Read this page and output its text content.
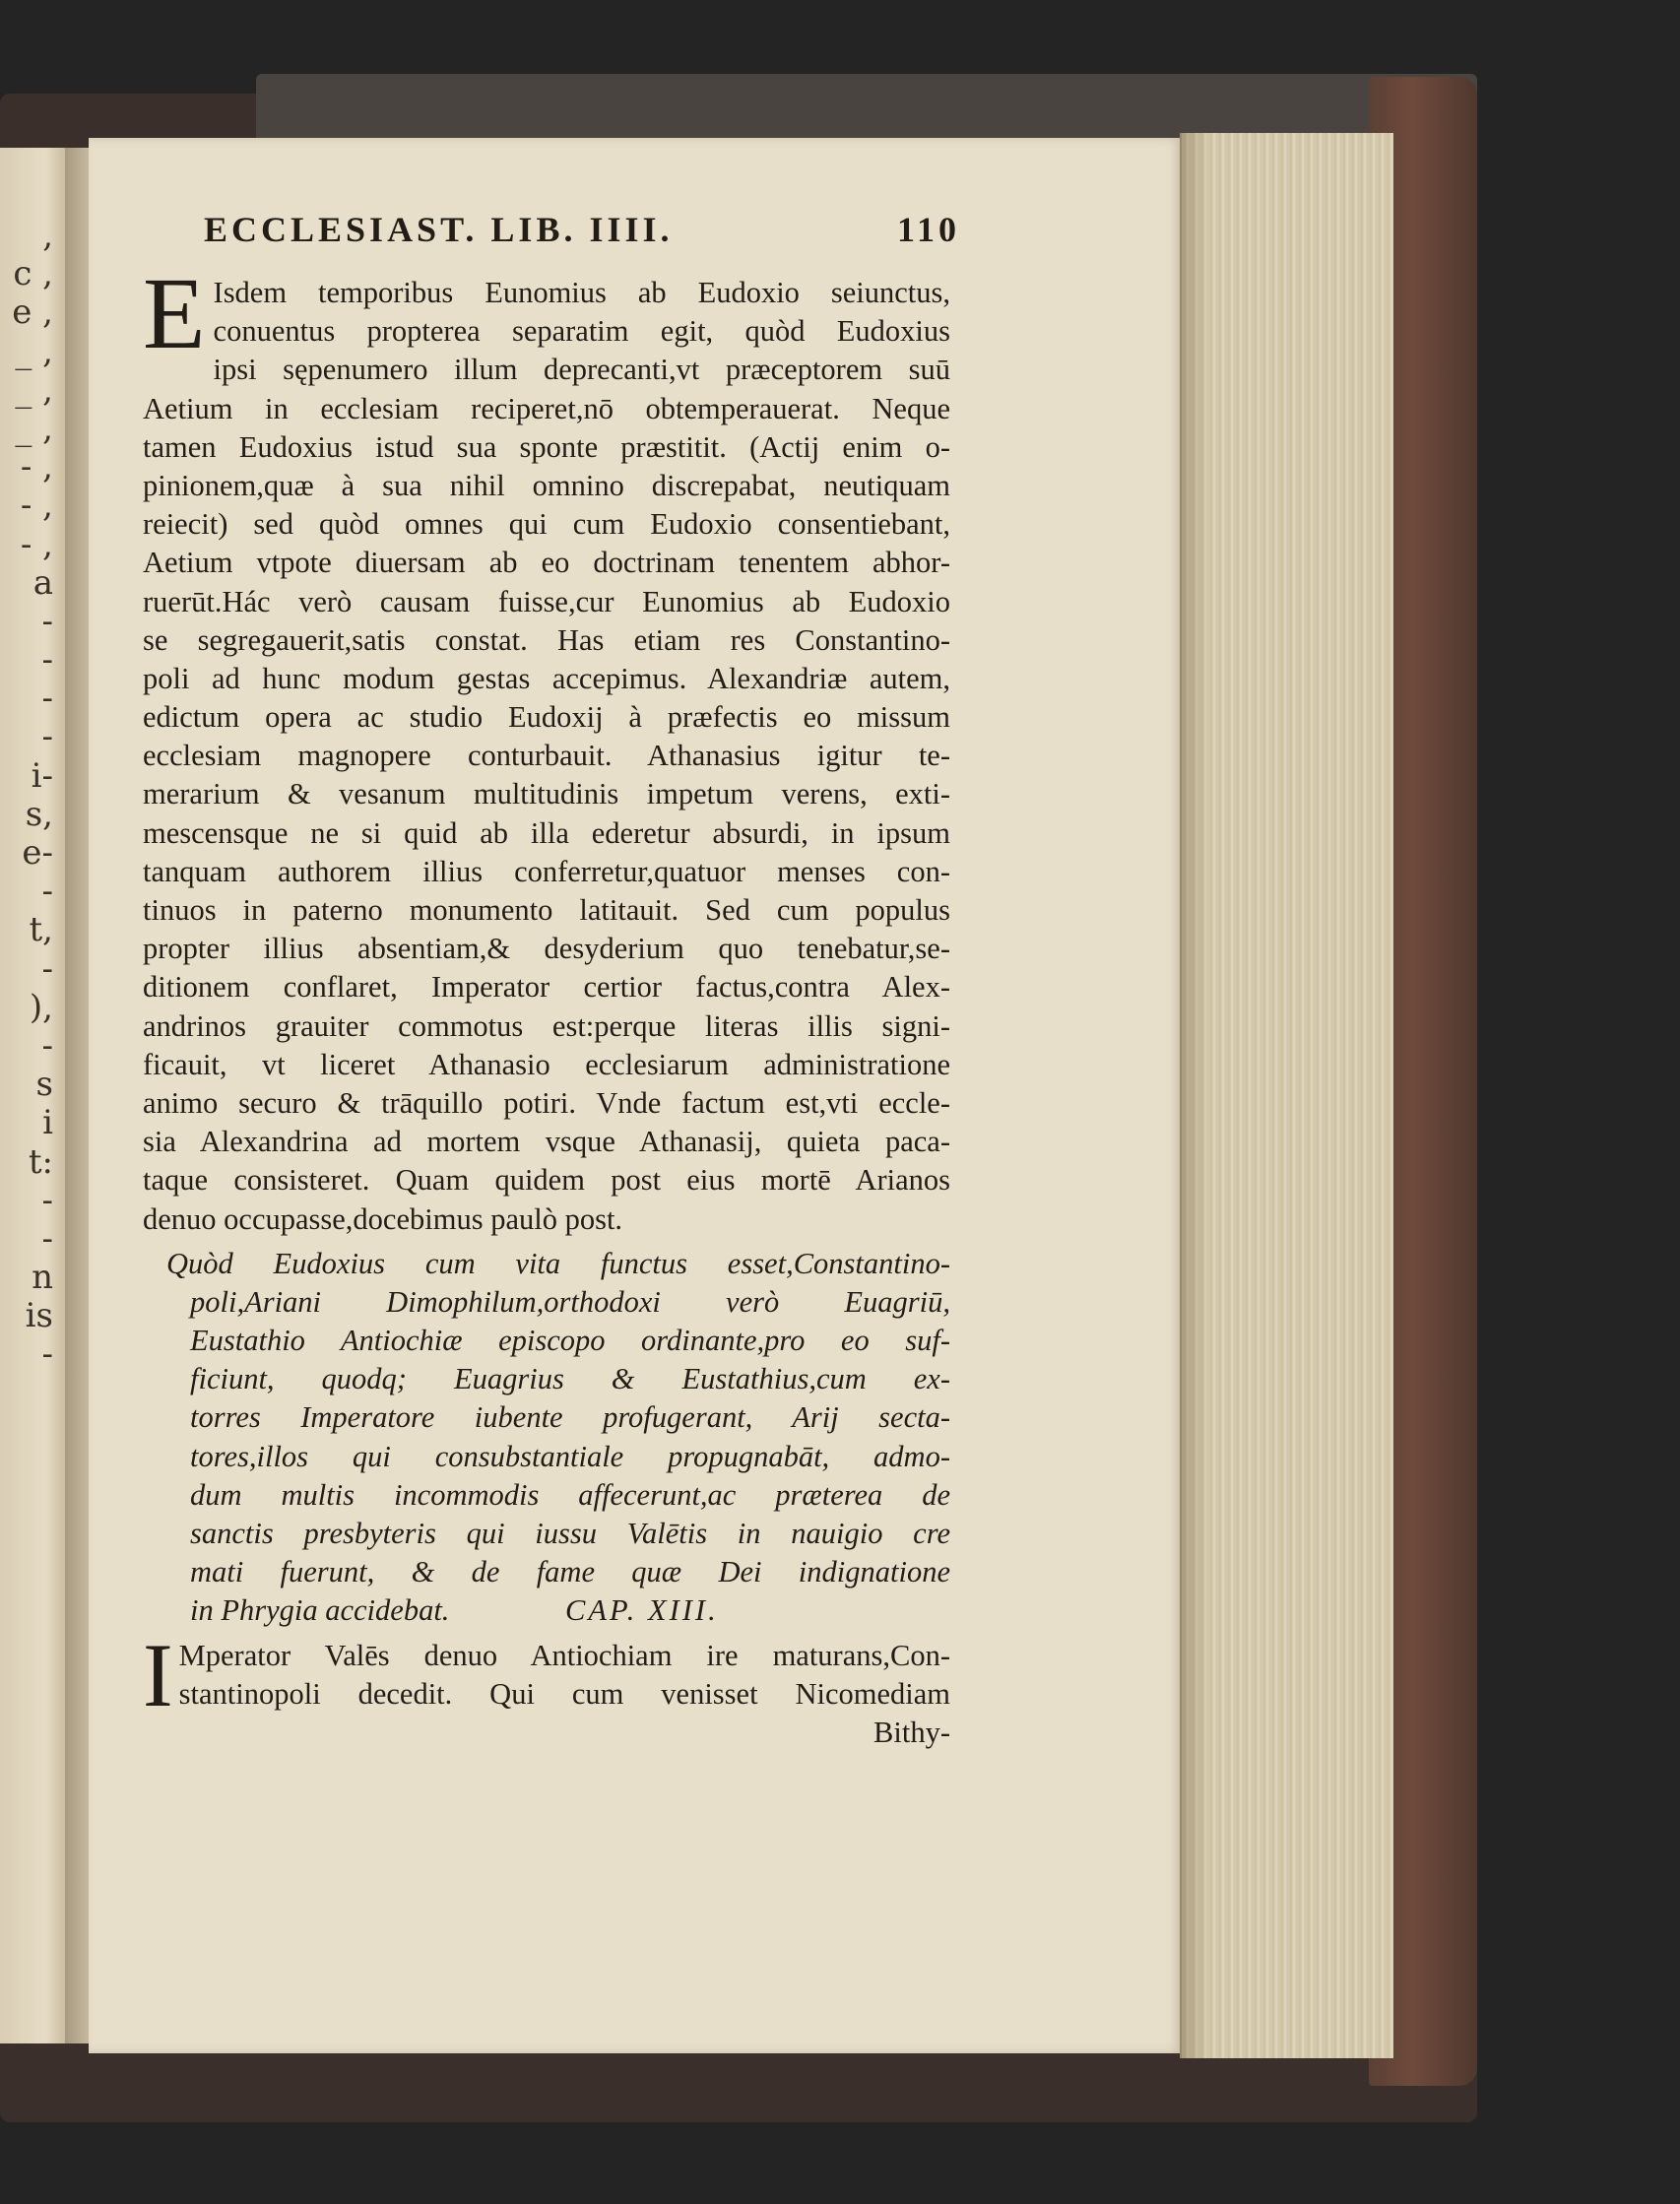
,
c ,
e ,
_ ,
_ ,
_ ,
- ,
- ,
- ,
a
-
-
-
-
i-
s,
e-
-
t,
-
),
-
s
i
t:
-
-
n
is
-
ECCLESIAST. LIB. IIII.	110
E Isdem temporibus Eunomius ab Eudoxio seiunctus,
conuentus propterea separatim egit, quòd Eudoxius
ipsi sępenumero illum deprecanti,vt præceptorem suū
Aetium in ecclesiam reciperet,nō obtemperauerat. Neque
tamen Eudoxius istud sua sponte præstitit. (Actij enim o-
pinionem,quæ à sua nihil omnino discrepabat, neutiquam
reiecit) sed quòd omnes qui cum Eudoxio consentiebant,
Aetium vtpote diuersam ab eo doctrinam tenentem abhor-
ruerūt.Hác verò causam fuisse,cur Eunomius ab Eudoxio
se segregauerit,satis constat. Has etiam res Constantino-
poli ad hunc modum gestas accepimus. Alexandriæ autem,
edictum opera ac studio Eudoxij à præfectis eo missum
ecclesiam magnopere conturbauit. Athanasius igitur te-
merarium & vesanum multitudinis impetum verens, exti-
mescensque ne si quid ab illa ederetur absurdi, in ipsum
tanquam authorem illius conferretur,quatuor menses con-
tinuos in paterno monumento latitauit. Sed cum populus
propter illius absentiam,& desyderium quo tenebatur,se-
ditionem conflaret, Imperator certior factus,contra Alex-
andrinos grauiter commotus est:perque literas illis signi-
ficauit, vt liceret Athanasio ecclesiarum administratione
animo securo & trāquillo potiri. Vnde factum est,vti eccle-
sia Alexandrina ad mortem vsque Athanasij, quieta paca-
taque consisteret. Quam quidem post eius mortē Arianos
denuo occupasse,docebimus paulò post.
Quòd Eudoxius cum vita functus esset,Constantino-
poli,Ariani Dimophilum,orthodoxi verò Euagriū,
Eustathio Antiochiæ episcopo ordinante,pro eo suf-
ficiunt, quodq; Euagrius & Eustathius,cum ex-
torres Imperatore iubente profugerant, Arij secta-
tores,illos qui consubstantiale propugnabāt, admo-
dum multis incommodis affecerunt,ac præterea de
sanctis presbyteris qui iussu Valētis in nauigio cre
mati fuerunt, & de fame quæ Dei indignatione
in Phrygia accidebat.	CAP. XIII.
I Mperator Valēs denuo Antiochiam ire maturans,Con-
stantinopoli decedit. Qui cum venisset Nicomediam
Bithy-
